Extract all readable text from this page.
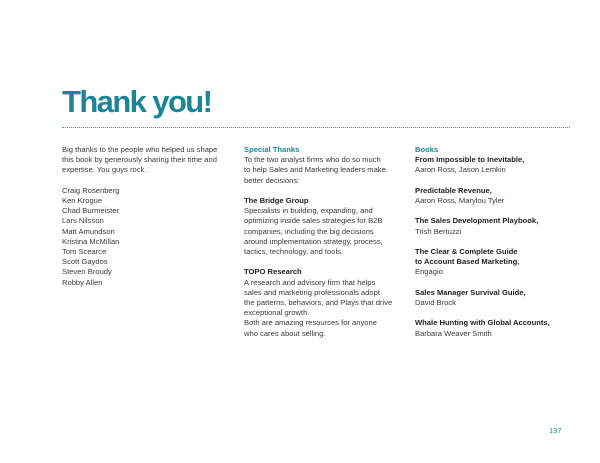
Thank you!
Big thanks to the people who helped us shape
this book by generously sharing their time and
expertise. You guys rock.
Craig Rosenberg
Ken Krogue
Chad Burmeister
Lars Nilsson
Matt Amundson
Kristina McMillan
Tom Scearce
Scott Gaydos
Steven Broudy
Robby Allen
Special Thanks
To the two analyst firms who do so much
to help Sales and Marketing leaders make
better decisions:
The Bridge Group
Specialists in building, expanding, and
optimizing inside sales strategies for B2B
companies, including the big decisions
around implementation strategy, process,
tactics, technology, and tools.
TOPO Research
A research and advisory firm that helps
sales and marketing professionals adopt
the patterns, behaviors, and Plays that drive
exceptional growth.
Both are amazing resources for anyone
who cares about selling.
Books
From Impossible to Inevitable,
Aaron Ross, Jason Lemkin
Predictable Revenue,
Aaron Ross, Marylou Tyler
The Sales Development Playbook,
Trish Bertuzzi
The Clear & Complete Guide
to Account Based Marketing,
Engagio
Sales Manager Survival Guide,
David Brock
Whale Hunting with Global Accounts,
Barbara Weaver Smith
137
